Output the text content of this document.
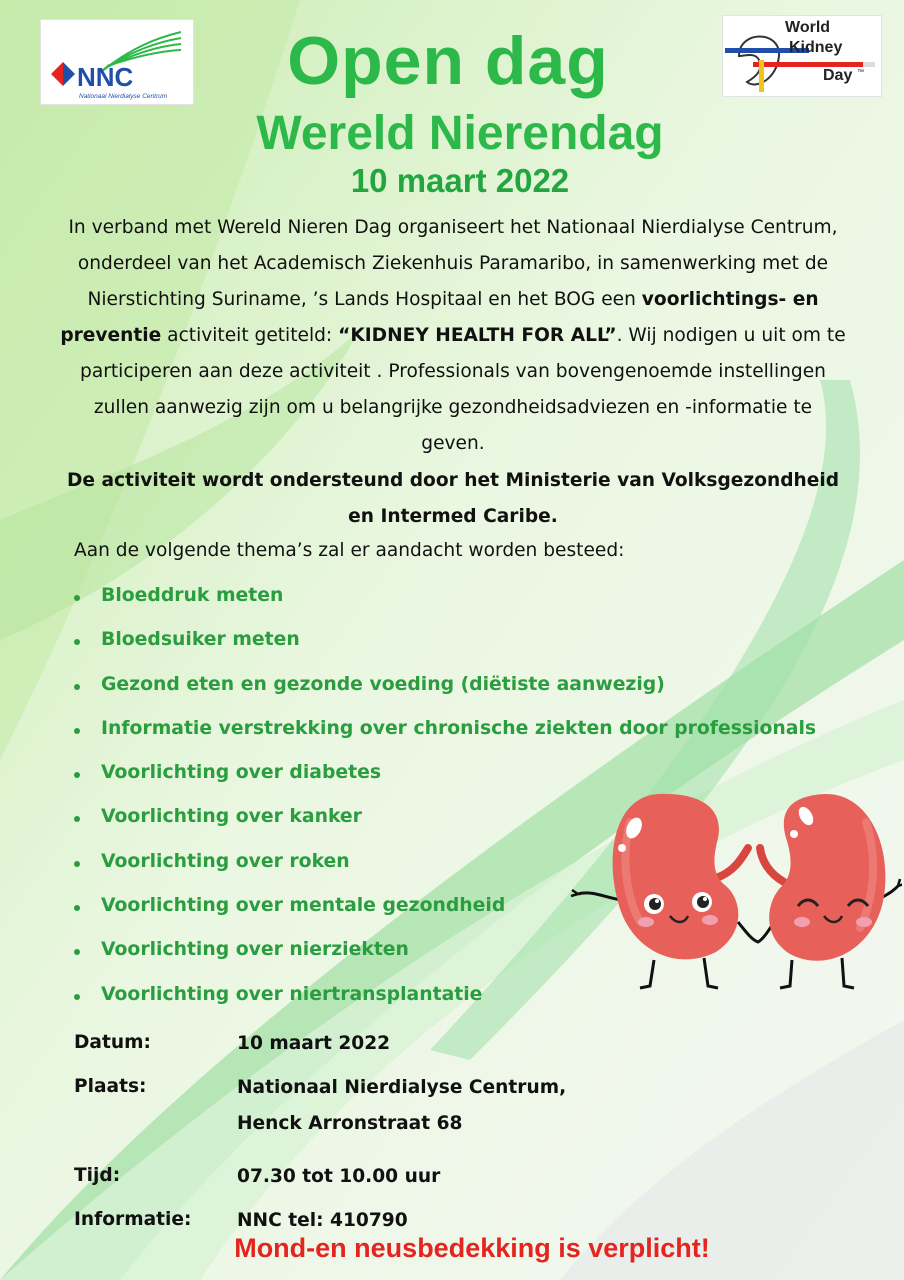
NNC
Nationaal Nierdialyse Centrum
World
Kidney
Day ™
Open dag
Wereld Nierendag
10 maart 2022

In verband met Wereld Nieren Dag organiseert het Nationaal Nierdialyse Centrum, onderdeel van het Academisch Ziekenhuis Paramaribo, in samenwerking met de Nierstichting Suriname, ’s Lands Hospitaal en het BOG een voorlichtings- en preventie activiteit getiteld: “KIDNEY HEALTH FOR ALL”. Wij nodigen u uit om te participeren aan deze activiteit . Professionals van bovengenoemde instellingen zullen aanwezig zijn om u belangrijke gezondheidsadviezen en -informatie te geven.

De activiteit wordt ondersteund door het Ministerie van Volksgezondheid en Intermed Caribe.

Aan de volgende thema’s zal er aandacht worden besteed:

Bloeddruk meten
Bloedsuiker meten
Gezond eten en gezonde voeding (diëtiste aanwezig)
Informatie verstrekking over chronische ziekten door professionals
Voorlichting over diabetes
Voorlichting over kanker
Voorlichting over roken
Voorlichting over mentale gezondheid
Voorlichting over nierziekten
Voorlichting over niertransplantatie
Datum:	10 maart 2022
Plaats:	Nationaal Nierdialyse Centrum, Henck Arronstraat 68
Tijd:	07.30 tot 10.00 uur
Informatie: NNC tel: 410790
Mond-en neusbedekking is verplicht!
